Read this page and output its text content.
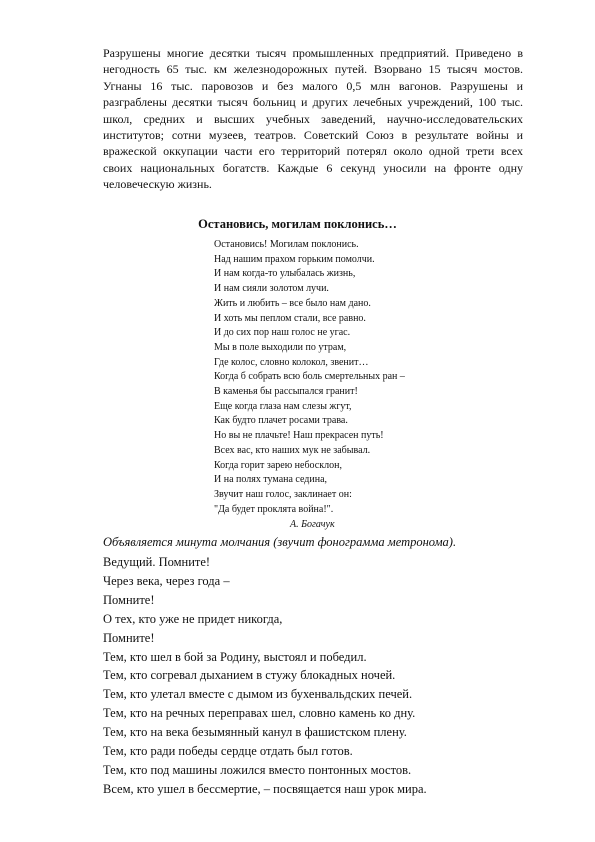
Разрушены многие десятки тысяч промышленных предприятий. Приведено в негодность 65 тыс. км железнодорожных путей. Взорвано 15 тысяч мостов. Угнаны 16 тыс. паровозов и без малого 0,5 млн вагонов. Разрушены и разграблены десятки тысяч больниц и других лечебных учреждений, 100 тыс. школ, средних и высших учебных заведений, научно-исследовательских институтов; сотни музеев, театров. Советский Союз в результате войны и вражеской оккупации части его территорий потерял около одной трети всех своих национальных богатств. Каждые 6 секунд уносили на фронте одну человеческую жизнь.

Остановись, могилам поклонись…

Остановись! Могилам поклонись.
Над нашим прахом горьким помолчи.
И нам когда-то улыбалась жизнь,
И нам сияли золотом лучи.
Жить и любить – все было нам дано.
И хоть мы пеплом стали, все равно.
И до сих пор наш голос не угас.
Мы в поле выходили по утрам,
Где колос, словно колокол, звенит…
Когда б собрать всю боль смертельных ран –
В каменья бы рассыпался гранит!
Еще когда глаза нам слезы жгут,
Как будто плачет росами трава.
Но вы не плачьте! Наш прекрасен путь!
Всех вас, кто наших мук не забывал.
Когда горит зарею небосклон,
И на полях тумана седина,
Звучит наш голос, заклинает он:
"Да будет проклята война!".

А. Богачук

Объявляется минута молчания (звучит фонограмма метронома).

Ведущий. Помните!
Через века, через года –
Помните!
О тех, кто уже не придет никогда,
Помните!
Тем, кто шел в бой за Родину, выстоял и победил.
Тем, кто согревал дыханием в стужу блокадных ночей.
Тем, кто улетал вместе с дымом из бухенвальдских печей.
Тем, кто на речных переправах шел, словно камень ко дну.
Тем, кто на века безымянный канул в фашистском плену.
Тем, кто ради победы сердце отдать был готов.
Тем, кто под машины ложился вместо понтонных мостов.
Всем, кто ушел в бессмертие, – посвящается наш урок мира.
